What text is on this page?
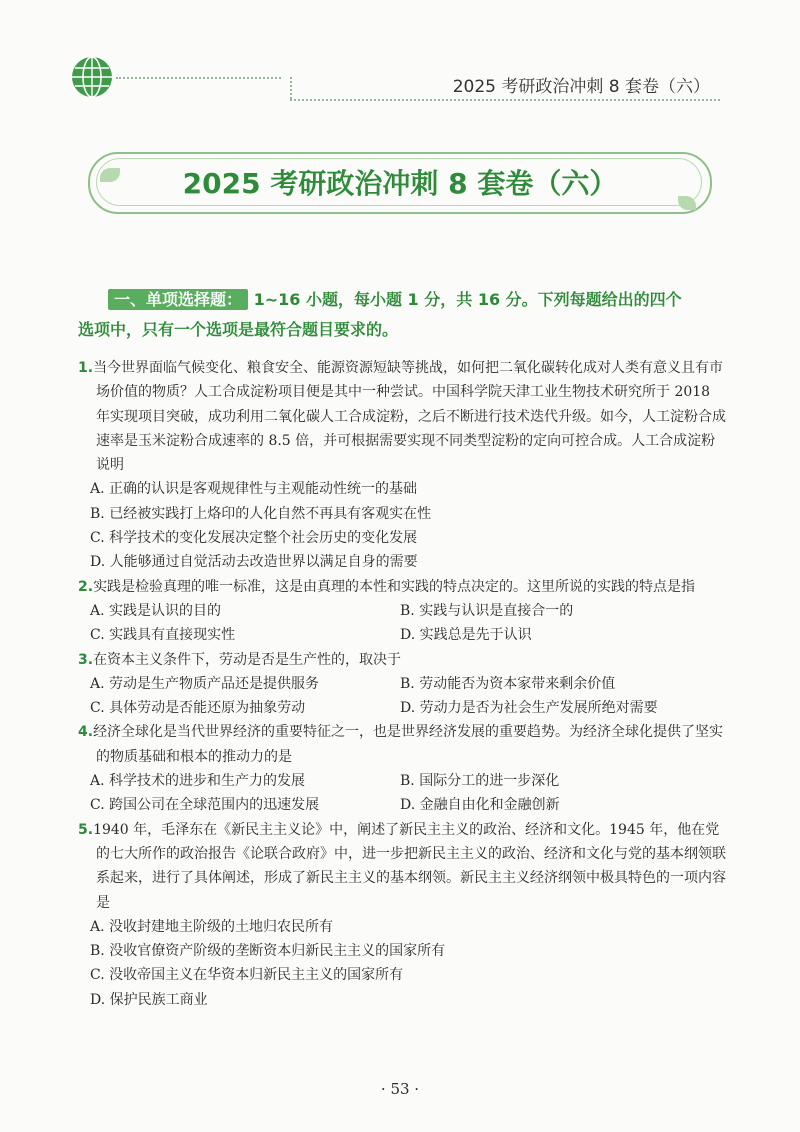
2025 考研政治冲刺 8 套卷（六）
2025 考研政治冲刺 8 套卷（六）
一、单项选择题： 1~16 小题，每小题 1 分，共 16 分。下列每题给出的四个
选项中，只有一个选项是最符合题目要求的。
1.当今世界面临气候变化、粮食安全、能源资源短缺等挑战，如何把二氧化碳转化成对人类有意义且有市场价值的物质？人工合成淀粉项目便是其中一种尝试。中国科学院天津工业生物技术研究所于 2018 年实现项目突破，成功利用二氧化碳人工合成淀粉，之后不断进行技术迭代升级。如今，人工淀粉合成速率是玉米淀粉合成速率的 8.5 倍，并可根据需要实现不同类型淀粉的定向可控合成。人工合成淀粉说明
A. 正确的认识是客观规律性与主观能动性统一的基础
B. 已经被实践打上烙印的人化自然不再具有客观实在性
C. 科学技术的变化发展决定整个社会历史的变化发展
D. 人能够通过自觉活动去改造世界以满足自身的需要
2.实践是检验真理的唯一标准，这是由真理的本性和实践的特点决定的。这里所说的实践的特点是指
A. 实践是认识的目的	B. 实践与认识是直接合一的
C. 实践具有直接现实性	D. 实践总是先于认识
3.在资本主义条件下，劳动是否是生产性的，取决于
A. 劳动是生产物质产品还是提供服务	B. 劳动能否为资本家带来剩余价值
C. 具体劳动是否能还原为抽象劳动	D. 劳动力是否为社会生产发展所绝对需要
4.经济全球化是当代世界经济的重要特征之一，也是世界经济发展的重要趋势。为经济全球化提供了坚实的物质基础和根本的推动力的是
A. 科学技术的进步和生产力的发展	B. 国际分工的进一步深化
C. 跨国公司在全球范围内的迅速发展	D. 金融自由化和金融创新
5.1940 年，毛泽东在《新民主主义论》中，阐述了新民主主义的政治、经济和文化。1945 年，他在党的七大所作的政治报告《论联合政府》中，进一步把新民主主义的政治、经济和文化与党的基本纲领联系起来，进行了具体阐述，形成了新民主主义的基本纲领。新民主主义经济纲领中极具特色的一项内容是
A. 没收封建地主阶级的土地归农民所有
B. 没收官僚资产阶级的垄断资本归新民主主义的国家所有
C. 没收帝国主义在华资本归新民主主义的国家所有
D. 保护民族工商业
· 53 ·
